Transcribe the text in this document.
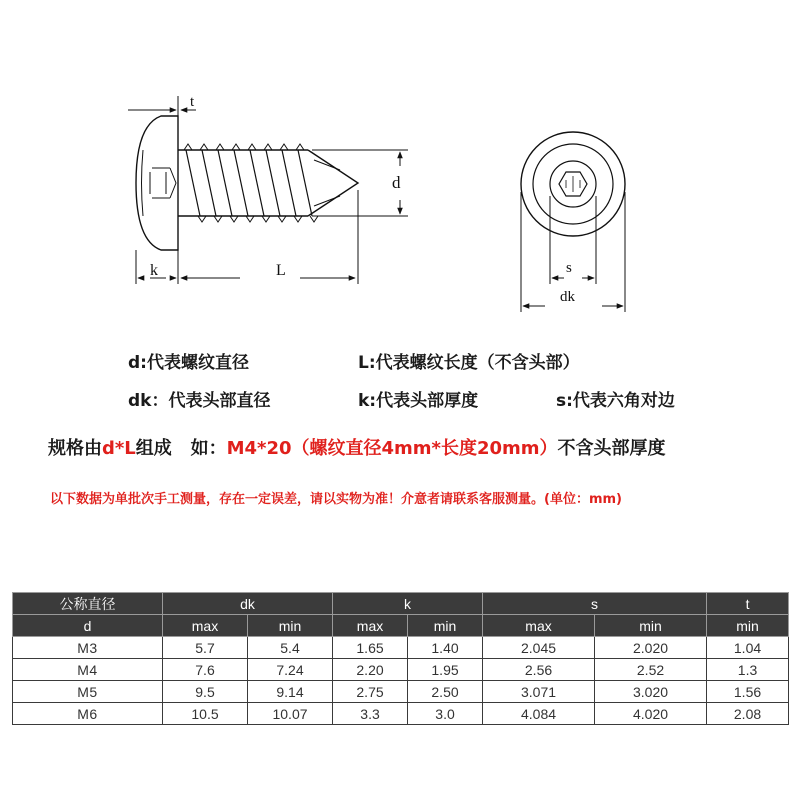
t
d
k	L	s
dk
d:代表螺纹直径	L:代表螺纹长度（不含头部）
dk：代表头部直径	k:代表头部厚度	s:代表六角对边
规格由d*L组成   如：M4*20（螺纹直径4mm*长度20mm）不含头部厚度
以下数据为单批次手工测量，存在一定误差，请以实物为准！介意者请联系客服测量。(单位：mm)
公称直径	dk		k		s		t
d	max	min	max	min	max	min	min
M3	5.7	5.4	1.65	1.40	2.045	2.020	1.04
M4	7.6	7.24	2.20	1.95	2.56	2.52	1.3
M5	9.5	9.14	2.75	2.50	3.071	3.020	1.56
M6	10.5	10.07	3.3	3.0	4.084	4.020	2.08
